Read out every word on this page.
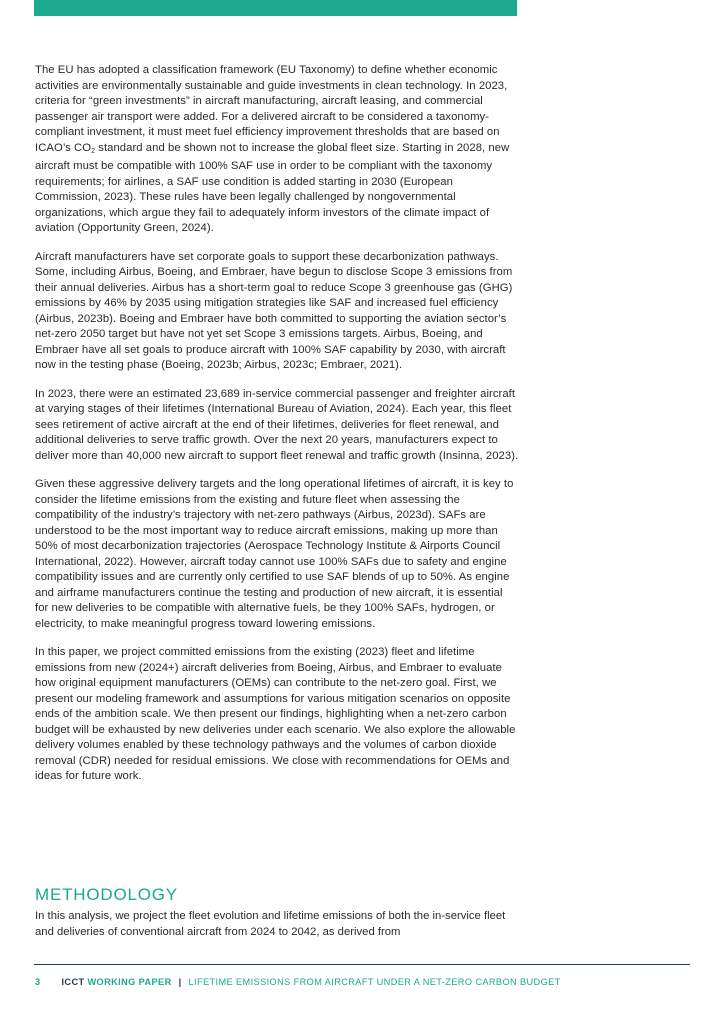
The EU has adopted a classification framework (EU Taxonomy) to define whether economic activities are environmentally sustainable and guide investments in clean technology. In 2023, criteria for “green investments” in aircraft manufacturing, aircraft leasing, and commercial passenger air transport were added. For a delivered aircraft to be considered a taxonomy-compliant investment, it must meet fuel efficiency improvement thresholds that are based on ICAO’s $CO_2$ standard and be shown not to increase the global fleet size. Starting in 2028, new aircraft must be compatible with 100% SAF use in order to be compliant with the taxonomy requirements; for airlines, a SAF use condition is added starting in 2030 (European Commission, 2023). These rules have been legally challenged by nongovernmental organizations, which argue they fail to adequately inform investors of the climate impact of aviation (Opportunity Green, 2024).

Aircraft manufacturers have set corporate goals to support these decarbonization pathways. Some, including Airbus, Boeing, and Embraer, have begun to disclose Scope 3 emissions from their annual deliveries. Airbus has a short-term goal to reduce Scope 3 greenhouse gas (GHG) emissions by 46% by 2035 using mitigation strategies like SAF and increased fuel efficiency (Airbus, 2023b). Boeing and Embraer have both committed to supporting the aviation sector’s net-zero 2050 target but have not yet set Scope 3 emissions targets. Airbus, Boeing, and Embraer have all set goals to produce aircraft with 100% SAF capability by 2030, with aircraft now in the testing phase (Boeing, 2023b; Airbus, 2023c; Embraer, 2021).

In 2023, there were an estimated 23,689 in-service commercial passenger and freighter aircraft at varying stages of their lifetimes (International Bureau of Aviation, 2024). Each year, this fleet sees retirement of active aircraft at the end of their lifetimes, deliveries for fleet renewal, and additional deliveries to serve traffic growth. Over the next 20 years, manufacturers expect to deliver more than 40,000 new aircraft to support fleet renewal and traffic growth (Insinna, 2023).

Given these aggressive delivery targets and the long operational lifetimes of aircraft, it is key to consider the lifetime emissions from the existing and future fleet when assessing the compatibility of the industry’s trajectory with net-zero pathways (Airbus, 2023d). SAFs are understood to be the most important way to reduce aircraft emissions, making up more than 50% of most decarbonization trajectories (Aerospace Technology Institute & Airports Council International, 2022). However, aircraft today cannot use 100% SAFs due to safety and engine compatibility issues and are currently only certified to use SAF blends of up to 50%. As engine and airframe manufacturers continue the testing and production of new aircraft, it is essential for new deliveries to be compatible with alternative fuels, be they 100% SAFs, hydrogen, or electricity, to make meaningful progress toward lowering emissions.

In this paper, we project committed emissions from the existing (2023) fleet and lifetime emissions from new (2024+) aircraft deliveries from Boeing, Airbus, and Embraer to evaluate how original equipment manufacturers (OEMs) can contribute to the net-zero goal. First, we present our modeling framework and assumptions for various mitigation scenarios on opposite ends of the ambition scale. We then present our findings, highlighting when a net-zero carbon budget will be exhausted by new deliveries under each scenario. We also explore the allowable delivery volumes enabled by these technology pathways and the volumes of carbon dioxide removal (CDR) needed for residual emissions. We close with recommendations for OEMs and ideas for future work.

METHODOLOGY

In this analysis, we project the fleet evolution and lifetime emissions of both the in-service fleet and deliveries of conventional aircraft from 2024 to 2042, as derived from

3 ICCT WORKING PAPER | LIFETIME EMISSIONS FROM AIRCRAFT UNDER A NET-ZERO CARBON BUDGET
